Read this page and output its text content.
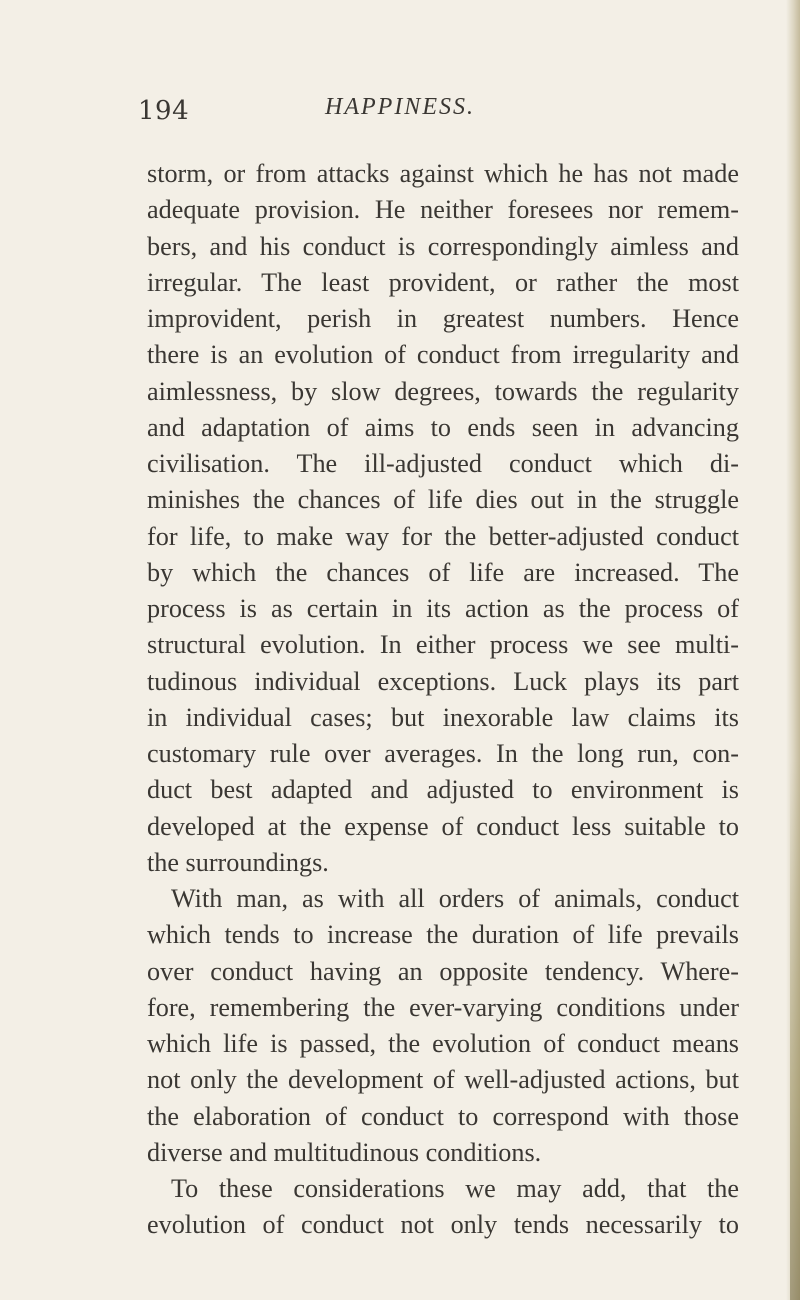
194	HAPPINESS.
storm, or from attacks against which he has not made
adequate provision. He neither foresees nor remem-
bers, and his conduct is correspondingly aimless and
irregular. The least provident, or rather the most
improvident, perish in greatest numbers. Hence
there is an evolution of conduct from irregularity and
aimlessness, by slow degrees, towards the regularity
and adaptation of aims to ends seen in advancing
civilisation. The ill-adjusted conduct which di-
minishes the chances of life dies out in the struggle
for life, to make way for the better-adjusted conduct
by which the chances of life are increased. The
process is as certain in its action as the process of
structural evolution. In either process we see multi-
tudinous individual exceptions. Luck plays its part
in individual cases; but inexorable law claims its
customary rule over averages. In the long run, con-
duct best adapted and adjusted to environment is
developed at the expense of conduct less suitable to
the surroundings.
With man, as with all orders of animals, conduct
which tends to increase the duration of life prevails
over conduct having an opposite tendency. Where-
fore, remembering the ever-varying conditions under
which life is passed, the evolution of conduct means
not only the development of well-adjusted actions, but
the elaboration of conduct to correspond with those
diverse and multitudinous conditions.
To these considerations we may add, that the
evolution of conduct not only tends necessarily to
